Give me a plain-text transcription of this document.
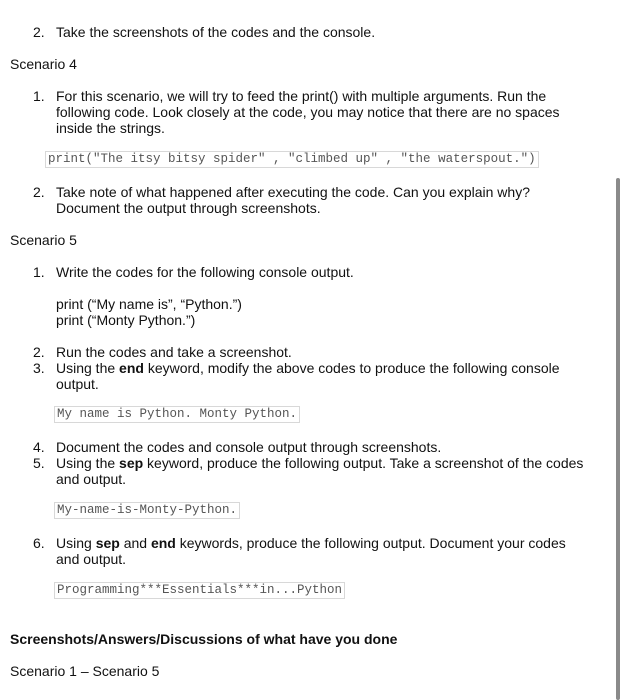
2. Take the screenshots of the codes and the console.
Scenario 4
1. For this scenario, we will try to feed the print() with multiple arguments. Run the
following code. Look closely at the code, you may notice that there are no spaces
inside the strings.
print("The itsy bitsy spider" , "climbed up" , "the waterspout.")
2. Take note of what happened after executing the code. Can you explain why?
Document the output through screenshots.
Scenario 5
1. Write the codes for the following console output.
print (“My name is”, “Python.”)
print (“Monty Python.”)
2. Run the codes and take a screenshot.
3. Using the end keyword, modify the above codes to produce the following console
output.
My name is Python. Monty Python.
4. Document the codes and console output through screenshots.
5. Using the sep keyword, produce the following output. Take a screenshot of the codes
and output.
My-name-is-Monty-Python.
6. Using sep and end keywords, produce the following output. Document your codes
and output.
Programming***Essentials***in...Python
Screenshots/Answers/Discussions of what have you done
Scenario 1 – Scenario 5
